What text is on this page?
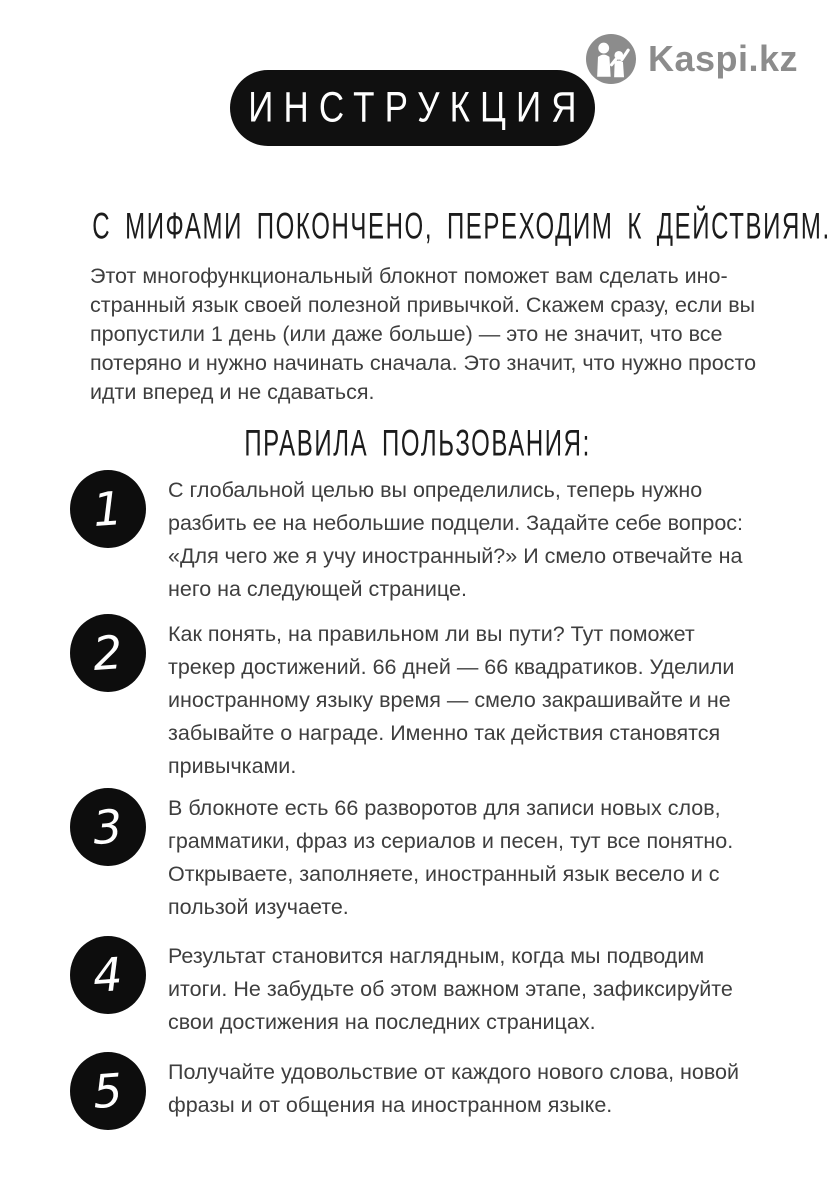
Kaspi.kz
ИНСТРУКЦИЯ
С МИФАМИ ПОКОНЧЕНО, ПЕРЕХОДИМ К ДЕЙСТВИЯМ.

Этот многофункциональный блокнот поможет вам сделать ино-странный язык своей полезной привычкой. Скажем сразу, если вы пропустили 1 день (или даже больше) — это не значит, что все потеряно и нужно начинать сначала. Это значит, что нужно просто идти вперед и не сдаваться.

ПРАВИЛА ПОЛЬЗОВАНИЯ:
1 С глобальной целью вы определились, теперь нужно разбить ее на небольшие подцели. Задайте себе вопрос: «Для чего же я учу иностранный?» И смело отвечайте на него на следующей странице.
2 Как понять, на правильном ли вы пути? Тут поможет трекер достижений. 66 дней — 66 квадратиков. Уделили иностранному языку время — смело закрашивайте и не забывайте о награде. Именно так действия становятся привычками.
3 В блокноте есть 66 разворотов для записи новых слов, грамматики, фраз из сериалов и песен, тут все понятно. Открываете, заполняете, иностранный язык весело и с пользой изучаете.
4 Результат становится наглядным, когда мы подводим итоги. Не забудьте об этом важном этапе, зафиксируйте свои достижения на последних страницах.
5 Получайте удовольствие от каждого нового слова, новой фразы и от общения на иностранном языке.
